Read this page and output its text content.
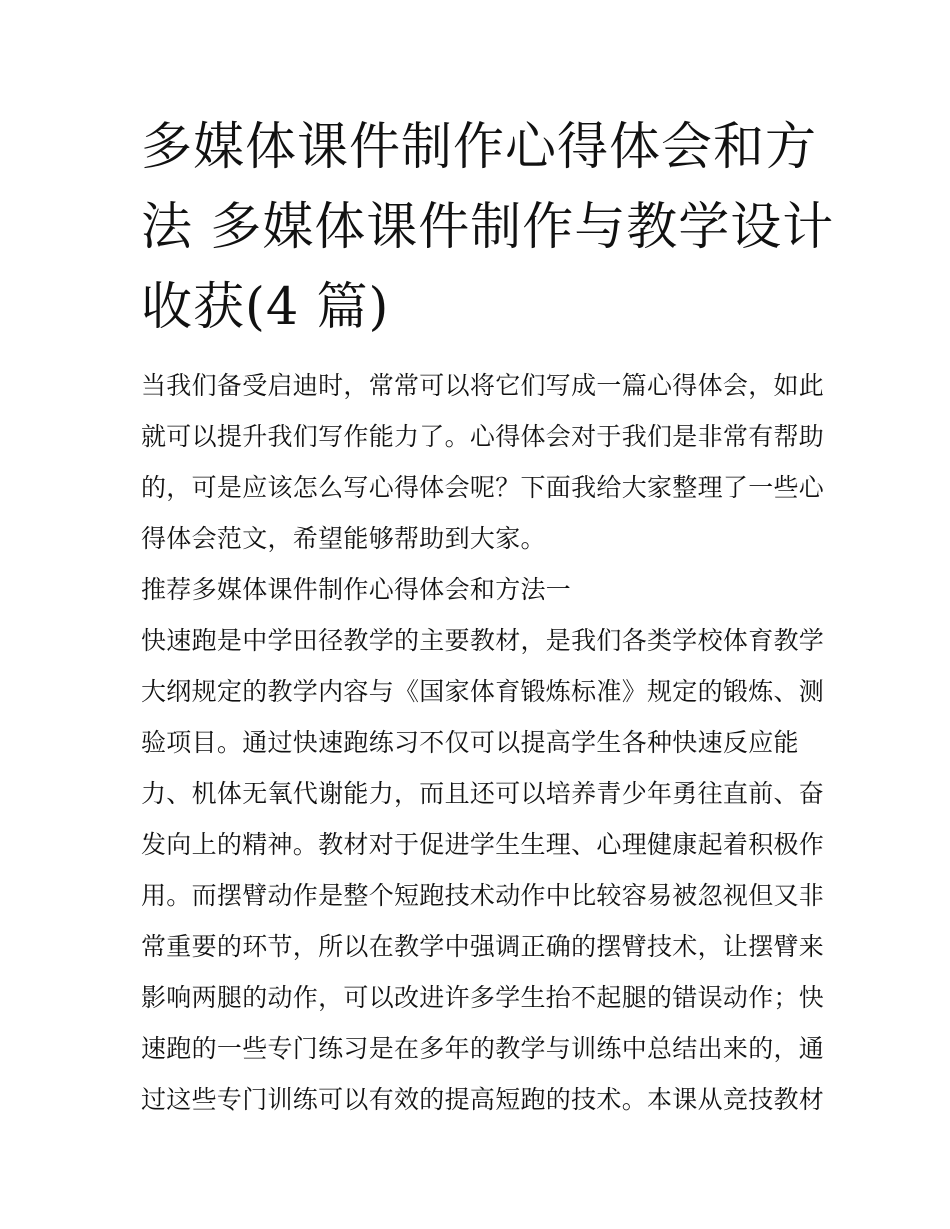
多媒体课件制作心得体会和方
法 多媒体课件制作与教学设计
收获(4 篇)
当我们备受启迪时，常常可以将它们写成一篇心得体会，如此
就可以提升我们写作能力了。心得体会对于我们是非常有帮助
的，可是应该怎么写心得体会呢？下面我给大家整理了一些心
得体会范文，希望能够帮助到大家。
推荐多媒体课件制作心得体会和方法一
快速跑是中学田径教学的主要教材，是我们各类学校体育教学
大纲规定的教学内容与《国家体育锻炼标准》规定的锻炼、测
验项目。通过快速跑练习不仅可以提高学生各种快速反应能
力、机体无氧代谢能力，而且还可以培养青少年勇往直前、奋
发向上的精神。教材对于促进学生生理、心理健康起着积极作
用。而摆臂动作是整个短跑技术动作中比较容易被忽视但又非
常重要的环节，所以在教学中强调正确的摆臂技术，让摆臂来
影响两腿的动作，可以改进许多学生抬不起腿的错误动作；快
速跑的一些专门练习是在多年的教学与训练中总结出来的，通
过这些专门训练可以有效的提高短跑的技术。本课从竞技教材
